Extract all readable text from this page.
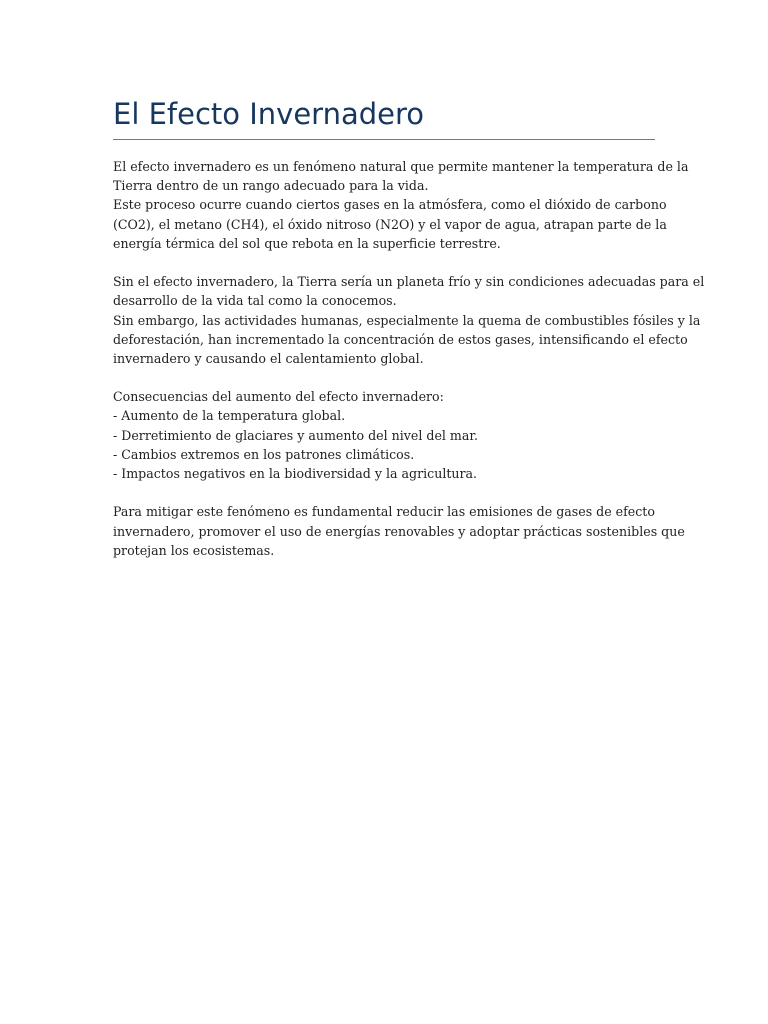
El Efecto Invernadero
El efecto invernadero es un fenómeno natural que permite mantener la temperatura de la
Tierra dentro de un rango adecuado para la vida.
Este proceso ocurre cuando ciertos gases en la atmósfera, como el dióxido de carbono
(CO2), el metano (CH4), el óxido nitroso (N2O) y el vapor de agua, atrapan parte de la
energía térmica del sol que rebota en la superficie terrestre.
Sin el efecto invernadero, la Tierra sería un planeta frío y sin condiciones adecuadas para el
desarrollo de la vida tal como la conocemos.
Sin embargo, las actividades humanas, especialmente la quema de combustibles fósiles y la
deforestación, han incrementado la concentración de estos gases, intensificando el efecto
invernadero y causando el calentamiento global.
Consecuencias del aumento del efecto invernadero:
- Aumento de la temperatura global.
- Derretimiento de glaciares y aumento del nivel del mar.
- Cambios extremos en los patrones climáticos.
- Impactos negativos en la biodiversidad y la agricultura.
Para mitigar este fenómeno es fundamental reducir las emisiones de gases de efecto
invernadero, promover el uso de energías renovables y adoptar prácticas sostenibles que
protejan los ecosistemas.
